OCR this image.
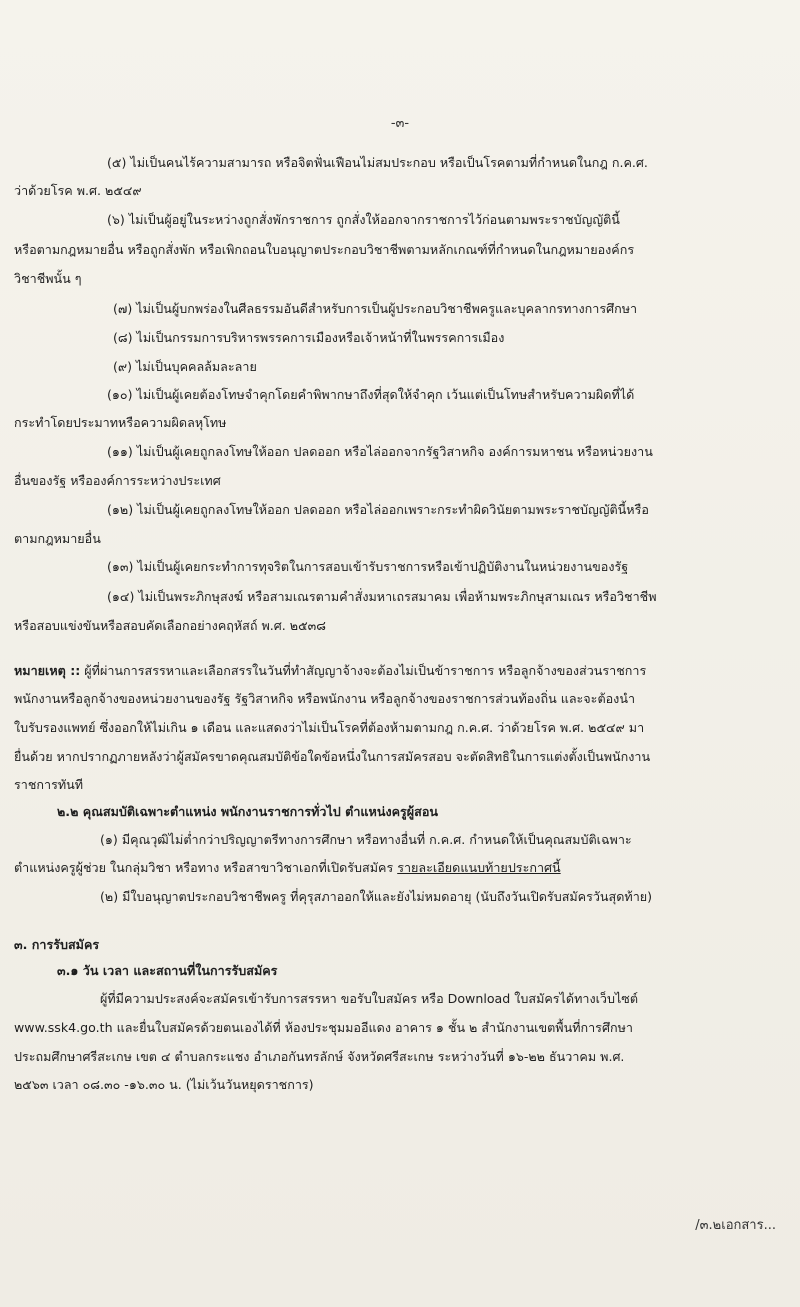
-๓-
(๕) ไม่เป็นคนไร้ความสามารถ หรือจิตฟั่นเฟือนไม่สมประกอบ หรือเป็นโรคตามที่กำหนดในกฎ ก.ค.ศ.
ว่าด้วยโรค พ.ศ. ๒๕๔๙
(๖) ไม่เป็นผู้อยู่ในระหว่างถูกสั่งพักราชการ ถูกสั่งให้ออกจากราชการไว้ก่อนตามพระราชบัญญัตินี้
หรือตามกฎหมายอื่น หรือถูกสั่งพัก หรือเพิกถอนใบอนุญาตประกอบวิชาชีพตามหลักเกณฑ์ที่กำหนดในกฎหมายองค์กร
วิชาชีพนั้น ๆ
(๗) ไม่เป็นผู้บกพร่องในศีลธรรมอันดีสำหรับการเป็นผู้ประกอบวิชาชีพครูและบุคลากรทางการศึกษา
(๘) ไม่เป็นกรรมการบริหารพรรคการเมืองหรือเจ้าหน้าที่ในพรรคการเมือง
(๙) ไม่เป็นบุคคลล้มละลาย
(๑๐) ไม่เป็นผู้เคยต้องโทษจำคุกโดยคำพิพากษาถึงที่สุดให้จำคุก เว้นแต่เป็นโทษสำหรับความผิดที่ได้
กระทำโดยประมาทหรือความผิดลหุโทษ
(๑๑) ไม่เป็นผู้เคยถูกลงโทษให้ออก ปลดออก หรือไล่ออกจากรัฐวิสาหกิจ องค์การมหาชน หรือหน่วยงาน
อื่นของรัฐ หรือองค์การระหว่างประเทศ
(๑๒) ไม่เป็นผู้เคยถูกลงโทษให้ออก ปลดออก หรือไล่ออกเพราะกระทำผิดวินัยตามพระราชบัญญัตินี้หรือ
ตามกฎหมายอื่น
(๑๓) ไม่เป็นผู้เคยกระทำการทุจริตในการสอบเข้ารับราชการหรือเข้าปฏิบัติงานในหน่วยงานของรัฐ
(๑๔) ไม่เป็นพระภิกษุสงฆ์ หรือสามเณรตามคำสั่งมหาเถรสมาคม เพื่อห้ามพระภิกษุสามเณร หรือวิชาชีพ
หรือสอบแข่งขันหรือสอบคัดเลือกอย่างคฤหัสถ์ พ.ศ. ๒๕๓๘
หมายเหตุ :: ผู้ที่ผ่านการสรรหาและเลือกสรรในวันที่ทำสัญญาจ้างจะต้องไม่เป็นข้าราชการ หรือลูกจ้างของส่วนราชการ
พนักงานหรือลูกจ้างของหน่วยงานของรัฐ รัฐวิสาหกิจ หรือพนักงาน หรือลูกจ้างของราชการส่วนท้องถิ่น และจะต้องนำ
ใบรับรองแพทย์ ซึ่งออกให้ไม่เกิน ๑ เดือน และแสดงว่าไม่เป็นโรคที่ต้องห้ามตามกฎ ก.ค.ศ. ว่าด้วยโรค พ.ศ. ๒๕๔๙ มา
ยื่นด้วย หากปรากฏภายหลังว่าผู้สมัครขาดคุณสมบัติข้อใดข้อหนึ่งในการสมัครสอบ จะตัดสิทธิในการแต่งตั้งเป็นพนักงาน
ราชการทันที
๒.๒ คุณสมบัติเฉพาะตำแหน่ง พนักงานราชการทั่วไป ตำแหน่งครูผู้สอน
(๑) มีคุณวุฒิไม่ต่ำกว่าปริญญาตรีทางการศึกษา หรือทางอื่นที่ ก.ค.ศ. กำหนดให้เป็นคุณสมบัติเฉพาะ
ตำแหน่งครูผู้ช่วย ในกลุ่มวิชา หรือทาง หรือสาขาวิชาเอกที่เปิดรับสมัคร รายละเอียดแนบท้ายประกาศนี้
(๒) มีใบอนุญาตประกอบวิชาชีพครู ที่คุรุสภาออกให้และยังไม่หมดอายุ (นับถึงวันเปิดรับสมัครวันสุดท้าย)
๓. การรับสมัคร
๓.๑ วัน เวลา และสถานที่ในการรับสมัคร
ผู้ที่มีความประสงค์จะสมัครเข้ารับการสรรหา ขอรับใบสมัคร หรือ Download ใบสมัครได้ทางเว็บไซต์
www.ssk4.go.th และยื่นใบสมัครด้วยตนเองได้ที่ ห้องประชุมมออีแดง อาคาร ๑ ชั้น ๒ สำนักงานเขตพื้นที่การศึกษา
ประถมศึกษาศรีสะเกษ เขต ๔ ตำบลกระแชง อำเภอกันทรลักษ์ จังหวัดศรีสะเกษ ระหว่างวันที่ ๑๖-๒๒ ธันวาคม พ.ศ.
๒๕๖๓ เวลา ๐๘.๓๐ -๑๖.๓๐ น. (ไม่เว้นวันหยุดราชการ)
/๓.๒เอกสาร...
